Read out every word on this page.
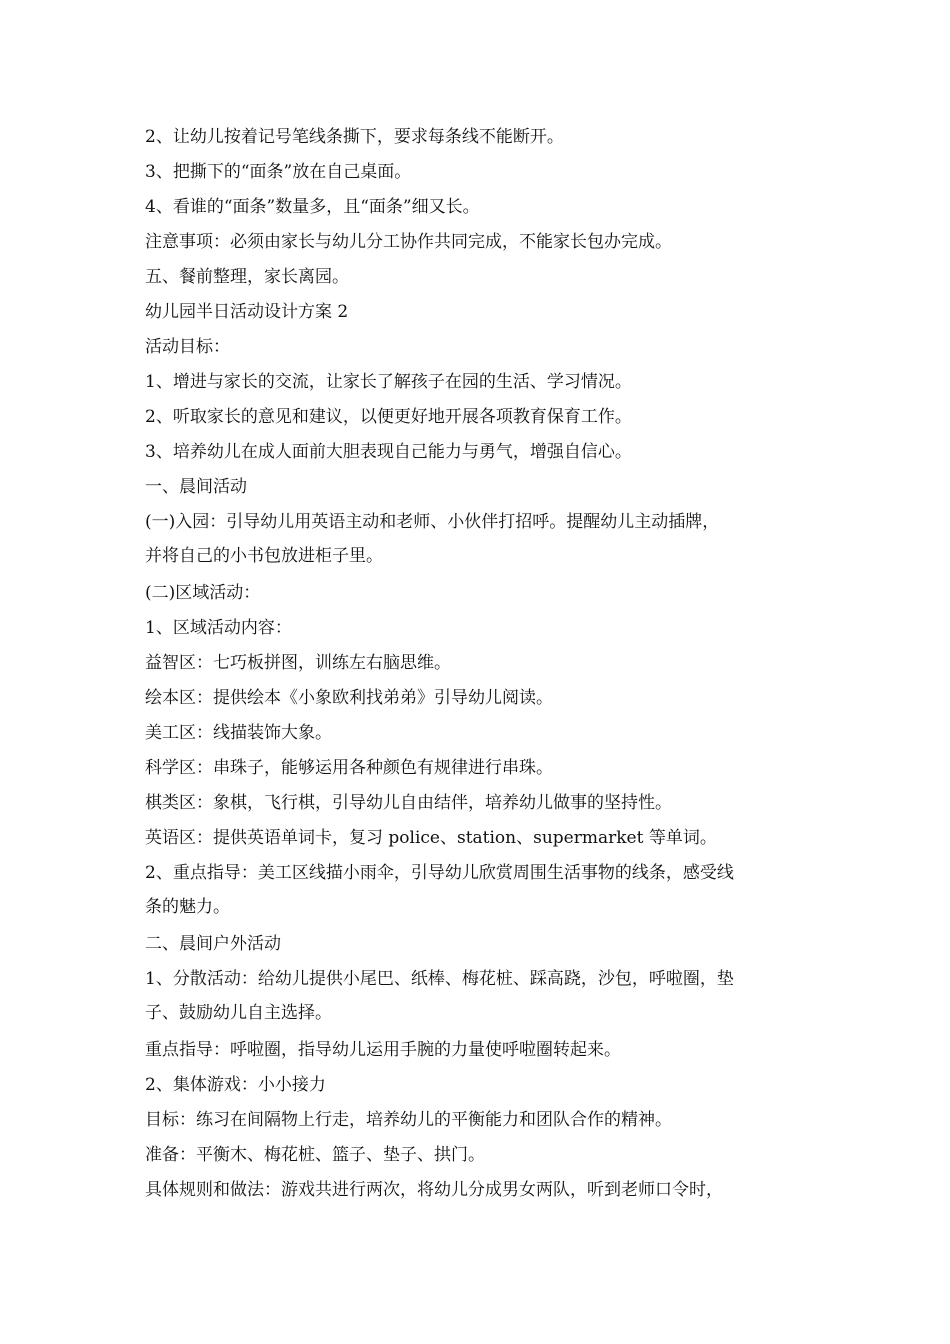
2、让幼儿按着记号笔线条撕下，要求每条线不能断开。
3、把撕下的“面条”放在自己桌面。
4、看谁的“面条”数量多，且“面条”细又长。
注意事项：必须由家长与幼儿分工协作共同完成，不能家长包办完成。
五、餐前整理，家长离园。
幼儿园半日活动设计方案 2
活动目标：
1、增进与家长的交流，让家长了解孩子在园的生活、学习情况。
2、听取家长的意见和建议，以便更好地开展各项教育保育工作。
3、培养幼儿在成人面前大胆表现自己能力与勇气，增强自信心。
一、晨间活动
(一)入园：引导幼儿用英语主动和老师、小伙伴打招呼。提醒幼儿主动插牌，
并将自己的小书包放进柜子里。
(二)区域活动：
1、区域活动内容：
益智区：七巧板拼图，训练左右脑思维。
绘本区：提供绘本《小象欧利找弟弟》引导幼儿阅读。
美工区：线描装饰大象。
科学区：串珠子，能够运用各种颜色有规律进行串珠。
棋类区：象棋，飞行棋，引导幼儿自由结伴，培养幼儿做事的坚持性。
英语区：提供英语单词卡，复习 police、station、supermarket 等单词。
2、重点指导：美工区线描小雨伞，引导幼儿欣赏周围生活事物的线条，感受线
条的魅力。
二、晨间户外活动
1、分散活动：给幼儿提供小尾巴、纸棒、梅花桩、踩高跷，沙包，呼啦圈，垫
子、鼓励幼儿自主选择。
重点指导：呼啦圈，指导幼儿运用手腕的力量使呼啦圈转起来。
2、集体游戏：小小接力
目标：练习在间隔物上行走，培养幼儿的平衡能力和团队合作的精神。
准备：平衡木、梅花桩、篮子、垫子、拱门。
具体规则和做法：游戏共进行两次，将幼儿分成男女两队，听到老师口令时，
